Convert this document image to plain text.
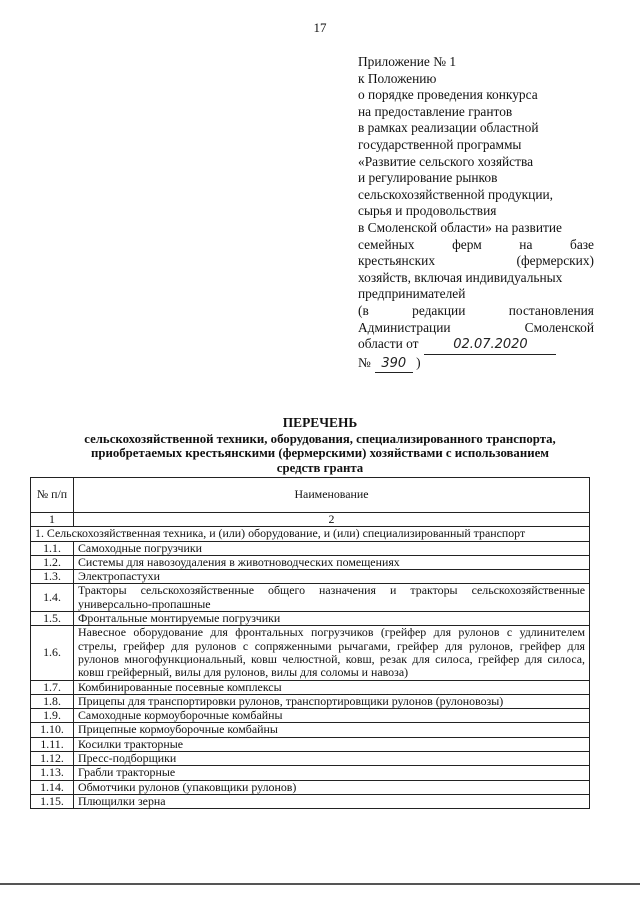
17
Приложение № 1
к Положению
о порядке проведения конкурса
на предоставление грантов
в рамках реализации областной
государственной программы
«Развитие сельского хозяйства
и регулирование рынков
сельскохозяйственной продукции,
сырья и продовольствия
в Смоленской области» на развитие
семейных	ферм	на	базе
крестьянских	(фермерских)
хозяйств, включая индивидуальных
предпринимателей
(в	редакции	постановления
Администрации	Смоленской
области от	02.07.2020
№ 390 )
ПЕРЕЧЕНЬ
сельскохозяйственной техники, оборудования, специализированного транспорта,
приобретаемых крестьянскими (фермерскими) хозяйствами с использованием
средств гранта
№ п/п	Наименование
1	2
1. Сельскохозяйственная техника, и (или) оборудование, и (или) специализированный транспорт	
1.1.	Самоходные погрузчики
1.2.	Системы для навозоудаления в животноводческих помещениях
1.3.	Электропастухи
1.4.	Тракторы сельскохозяйственные общего назначения и тракторы сельскохозяйственные универсально-пропашные
1.5.	Фронтальные монтируемые погрузчики
1.6.	Навесное оборудование для фронтальных погрузчиков (грейфер для рулонов с удлинителем стрелы, грейфер для рулонов с сопряженными рычагами, грейфер для рулонов, грейфер для рулонов многофункциональный, ковш челюстной, ковш, резак для силоса, грейфер для силоса, ковш грейферный, вилы для рулонов, вилы для соломы и навоза)
1.7.	Комбинированные посевные комплексы
1.8.	Прицепы для транспортировки рулонов, транспортировщики рулонов (рулоновозы)
1.9.	Самоходные кормоуборочные комбайны
1.10.	Прицепные кормоуборочные комбайны
1.11.	Косилки тракторные
1.12.	Пресс-подборщики
1.13.	Грабли тракторные
1.14.	Обмотчики рулонов (упаковщики рулонов)
1.15.	Плющилки зерна
